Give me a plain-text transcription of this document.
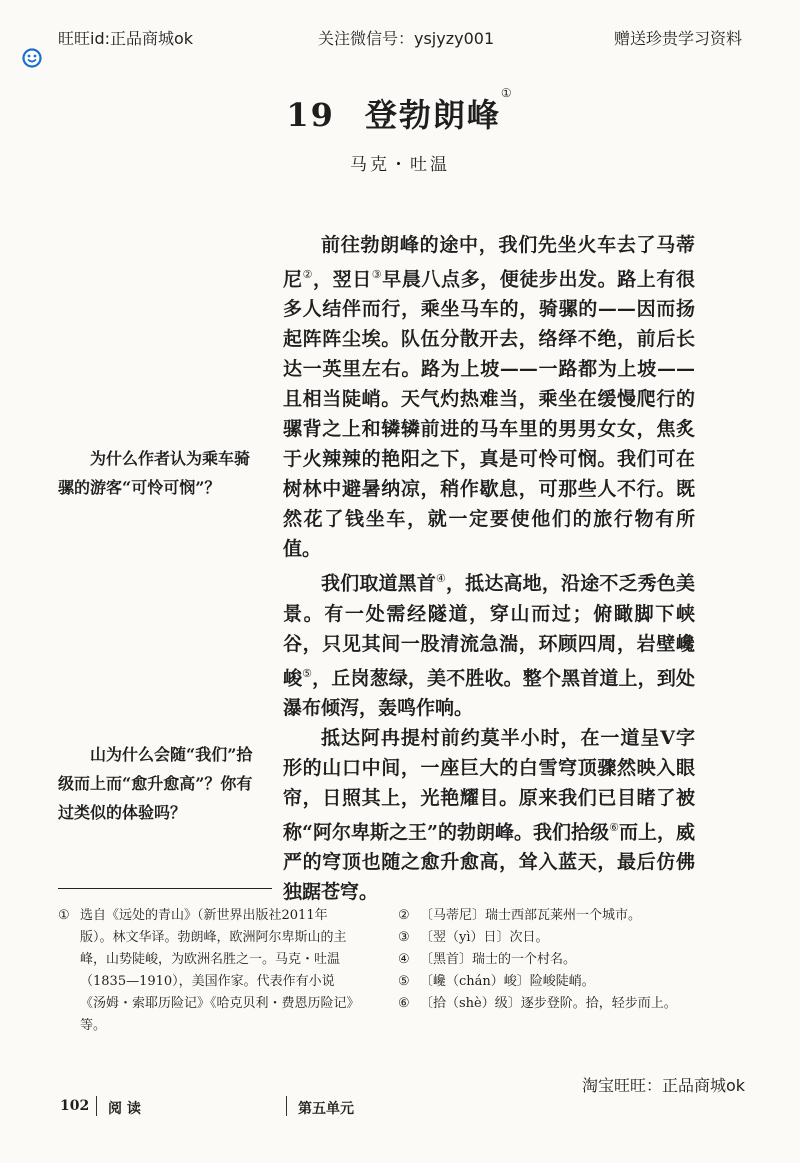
旺旺id:正品商城ok	关注微信号：ysjyzy001	赠送珍贵学习资料
19 登勃朗峰①
马克・吐温

前往勃朗峰的途中，我们先坐火车去了马蒂尼②，翌日③早晨八点多，便徒步出发。路上有很多人结伴而行，乘坐马车的，骑骡的——因而扬起阵阵尘埃。队伍分散开去，络绎不绝，前后长达一英里左右。路为上坡——一路都为上坡——且相当陡峭。天气灼热难当，乘坐在缓慢爬行的骡背之上和辚辚前进的马车里的男男女女，焦炙于火辣辣的艳阳之下，真是可怜可悯。我们可在树林中避暑纳凉，稍作歇息，可那些人不行。既然花了钱坐车，就一定要使他们的旅行物有所值。

我们取道黑首④，抵达高地，沿途不乏秀色美景。有一处需经隧道，穿山而过；俯瞰脚下峡谷，只见其间一股清流急湍，环顾四周，岩壁巉峻⑤，丘岗葱绿，美不胜收。整个黑首道上，到处瀑布倾泻，轰鸣作响。

抵达阿冉提村前约莫半小时，在一道呈V字形的山口中间，一座巨大的白雪穹顶骤然映入眼帘，日照其上，光艳耀目。原来我们已目睹了被称“阿尔卑斯之王”的勃朗峰。我们拾级⑥而上，威严的穹顶也随之愈升愈高，耸入蓝天，最后仿佛独踞苍穹。

为什么作者认为乘车骑骡的游客“可怜可悯”？

山为什么会随“我们”拾级而上而“愈升愈高”？你有过类似的体验吗？

① 选自《远处的青山》（新世界出版社2011年
版）。林文华译。勃朗峰，欧洲阿尔卑斯山的主峰，山势陡峻，为欧洲名胜之一。马克・吐温（1835—1910），美国作家。代表作有小说《汤姆・索耶历险记》《哈克贝利・费恩历险记》等。
② 〔马蒂尼〕瑞士西部瓦莱州一个城市。
③ 〔翌（yì）日〕次日。
④ 〔黑首〕瑞士的一个村名。
⑤ 〔巉（chán）峻〕险峻陡峭。
⑥ 〔拾（shè）级〕逐步登阶。拾，轻步而上。
淘宝旺旺：正品商城ok
102 阅 读	第五单元
